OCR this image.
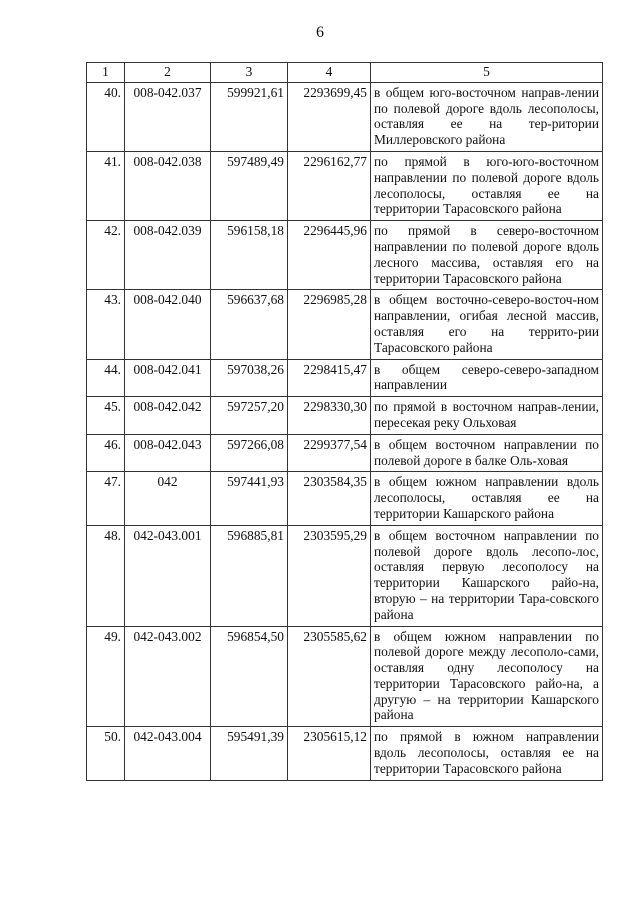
6
1	2	3	4	5
40.	008-042.037	599921,61	2293699,45	в общем юго-восточном направ-лении по полевой дороге вдоль лесополосы, оставляя ее на тер-ритории Миллеровского района
41.	008-042.038	597489,49	2296162,77	по прямой в юго-юго-восточном направлении по полевой дороге вдоль лесополосы, оставляя ее на территории Тарасовского района
42.	008-042.039	596158,18	2296445,96	по прямой в северо-восточном направлении по полевой дороге вдоль лесного массива, оставляя его на территории Тарасовского района
43.	008-042.040	596637,68	2296985,28	в общем восточно-северо-восточ-ном направлении, огибая лесной массив, оставляя его на террито-рии Тарасовского района
44.	008-042.041	597038,26	2298415,47	в общем северо-северо-западном направлении
45.	008-042.042	597257,20	2298330,30	по прямой в восточном направ-лении, пересекая реку Ольховая
46.	008-042.043	597266,08	2299377,54	в общем восточном направлении по полевой дороге в балке Оль-ховая
47.	042	597441,93	2303584,35	в общем южном направлении вдоль лесополосы, оставляя ее на территории Кашарского района
48.	042-043.001	596885,81	2303595,29	в общем восточном направлении по полевой дороге вдоль лесопо-лос, оставляя первую лесополосу на территории Кашарского райо-на, вторую – на территории Тара-совского района
49.	042-043.002	596854,50	2305585,62	в общем южном направлении по полевой дороге между лесополо-сами, оставляя одну лесополосу на территории Тарасовского райо-на, а другую – на территории Кашарского района
50.	042-043.004	595491,39	2305615,12	по прямой в южном направлении вдоль лесополосы, оставляя ее на территории Тарасовского района
